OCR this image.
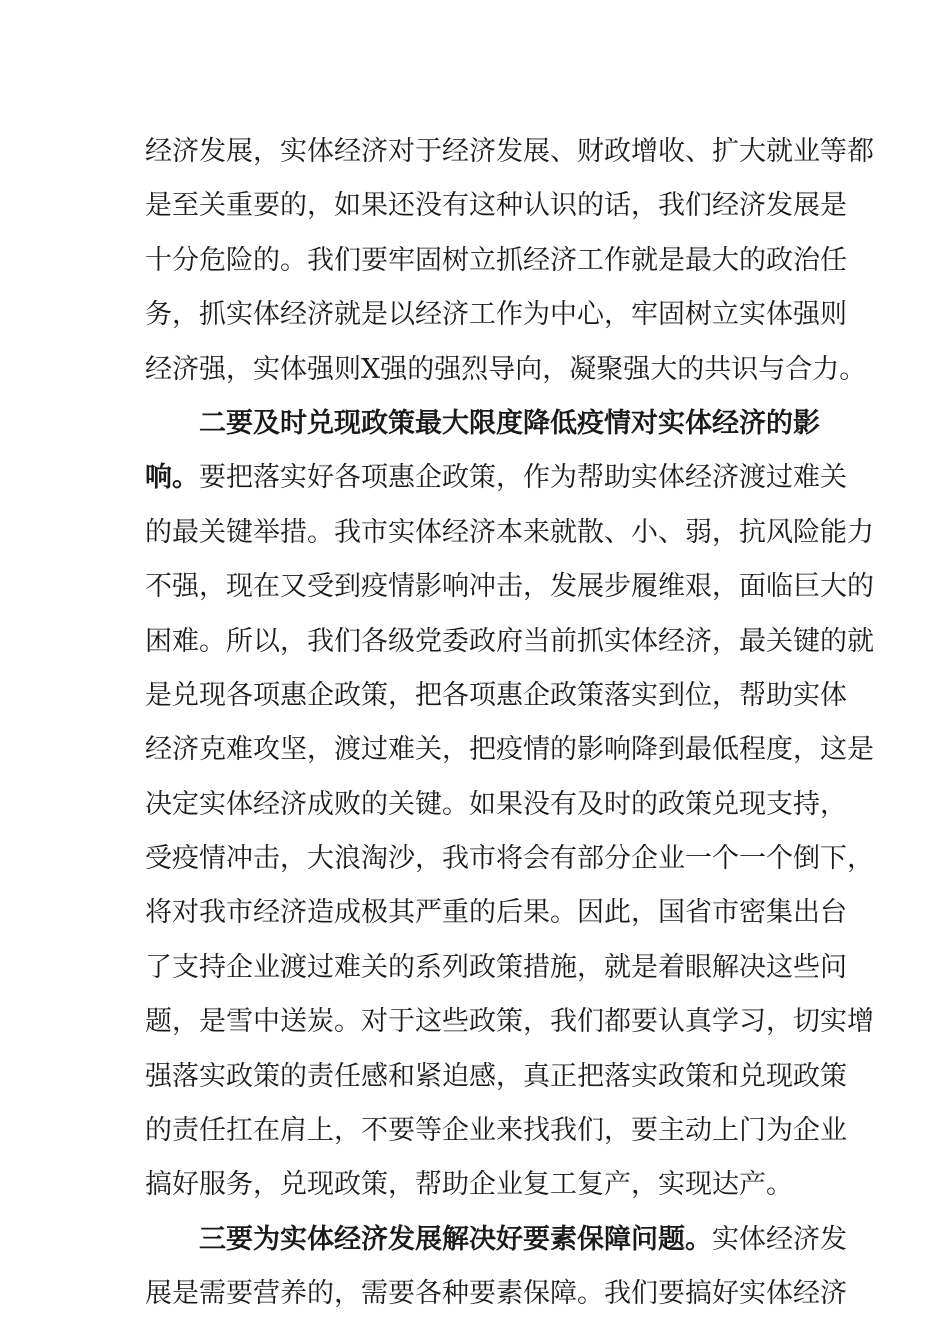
经济发展，实体经济对于经济发展、财政增收、扩大就业等都
是至关重要的，如果还没有这种认识的话，我们经济发展是
十分危险的。我们要牢固树立抓经济工作就是最大的政治任
务，抓实体经济就是以经济工作为中心，牢固树立实体强则
经济强，实体强则X强的强烈导向，凝聚强大的共识与合力。
二要及时兑现政策最大限度降低疫情对实体经济的影
响。要把落实好各项惠企政策，作为帮助实体经济渡过难关
的最关键举措。我市实体经济本来就散、小、弱，抗风险能力
不强，现在又受到疫情影响冲击，发展步履维艰，面临巨大的
困难。所以，我们各级党委政府当前抓实体经济，最关键的就
是兑现各项惠企政策，把各项惠企政策落实到位，帮助实体
经济克难攻坚，渡过难关，把疫情的影响降到最低程度，这是
决定实体经济成败的关键。如果没有及时的政策兑现支持，
受疫情冲击，大浪淘沙，我市将会有部分企业一个一个倒下，
将对我市经济造成极其严重的后果。因此，国省市密集出台
了支持企业渡过难关的系列政策措施，就是着眼解决这些问
题，是雪中送炭。对于这些政策，我们都要认真学习，切实增
强落实政策的责任感和紧迫感，真正把落实政策和兑现政策
的责任扛在肩上，不要等企业来找我们，要主动上门为企业
搞好服务，兑现政策，帮助企业复工复产，实现达产。
三要为实体经济发展解决好要素保障问题。实体经济发
展是需要营养的，需要各种要素保障。我们要搞好实体经济
